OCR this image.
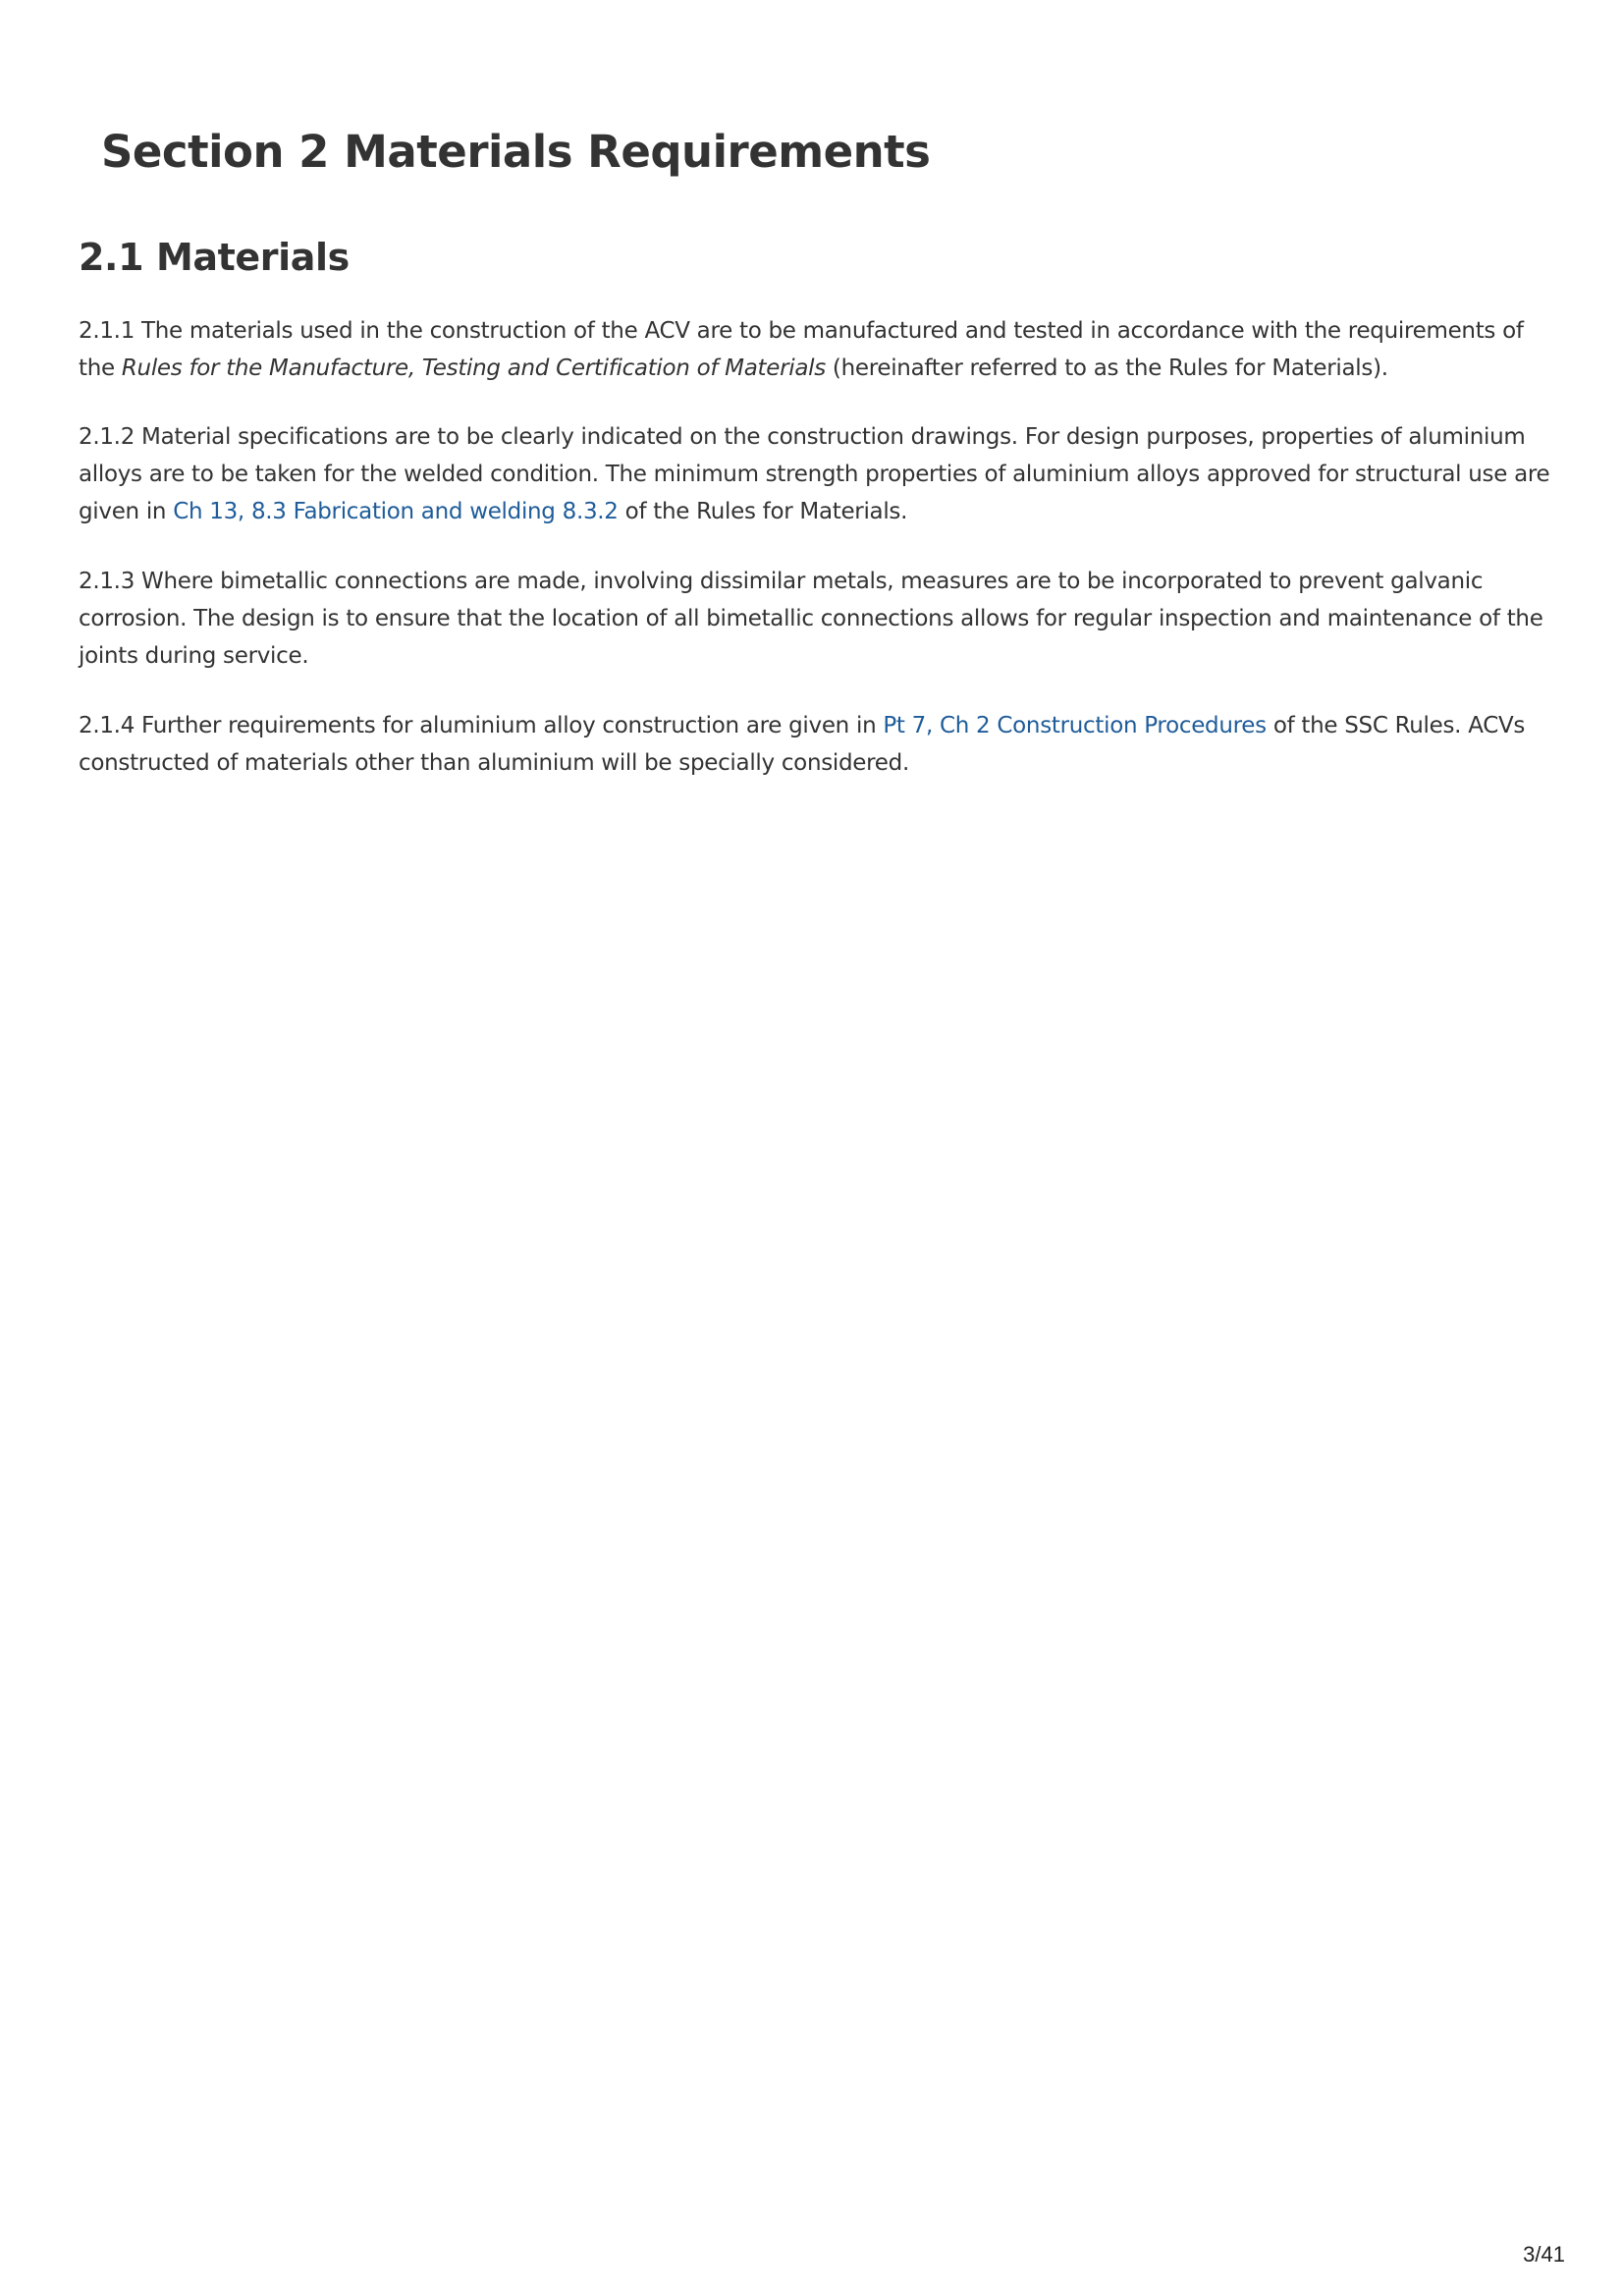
Section 2 Materials Requirements
2.1 Materials

2.1.1 The materials used in the construction of the ACV are to be manufactured and tested in accordance with the requirements of the Rules for the Manufacture, Testing and Certification of Materials (hereinafter referred to as the Rules for Materials).

2.1.2 Material specifications are to be clearly indicated on the construction drawings. For design purposes, properties of aluminium alloys are to be taken for the welded condition. The minimum strength properties of aluminium alloys approved for structural use are given in Ch 13, 8.3 Fabrication and welding 8.3.2 of the Rules for Materials.

2.1.3 Where bimetallic connections are made, involving dissimilar metals, measures are to be incorporated to prevent galvanic corrosion. The design is to ensure that the location of all bimetallic connections allows for regular inspection and maintenance of the joints during service.

2.1.4 Further requirements for aluminium alloy construction are given in Pt 7, Ch 2 Construction Procedures of the SSC Rules. ACVs constructed of materials other than aluminium will be specially considered.

3/41
